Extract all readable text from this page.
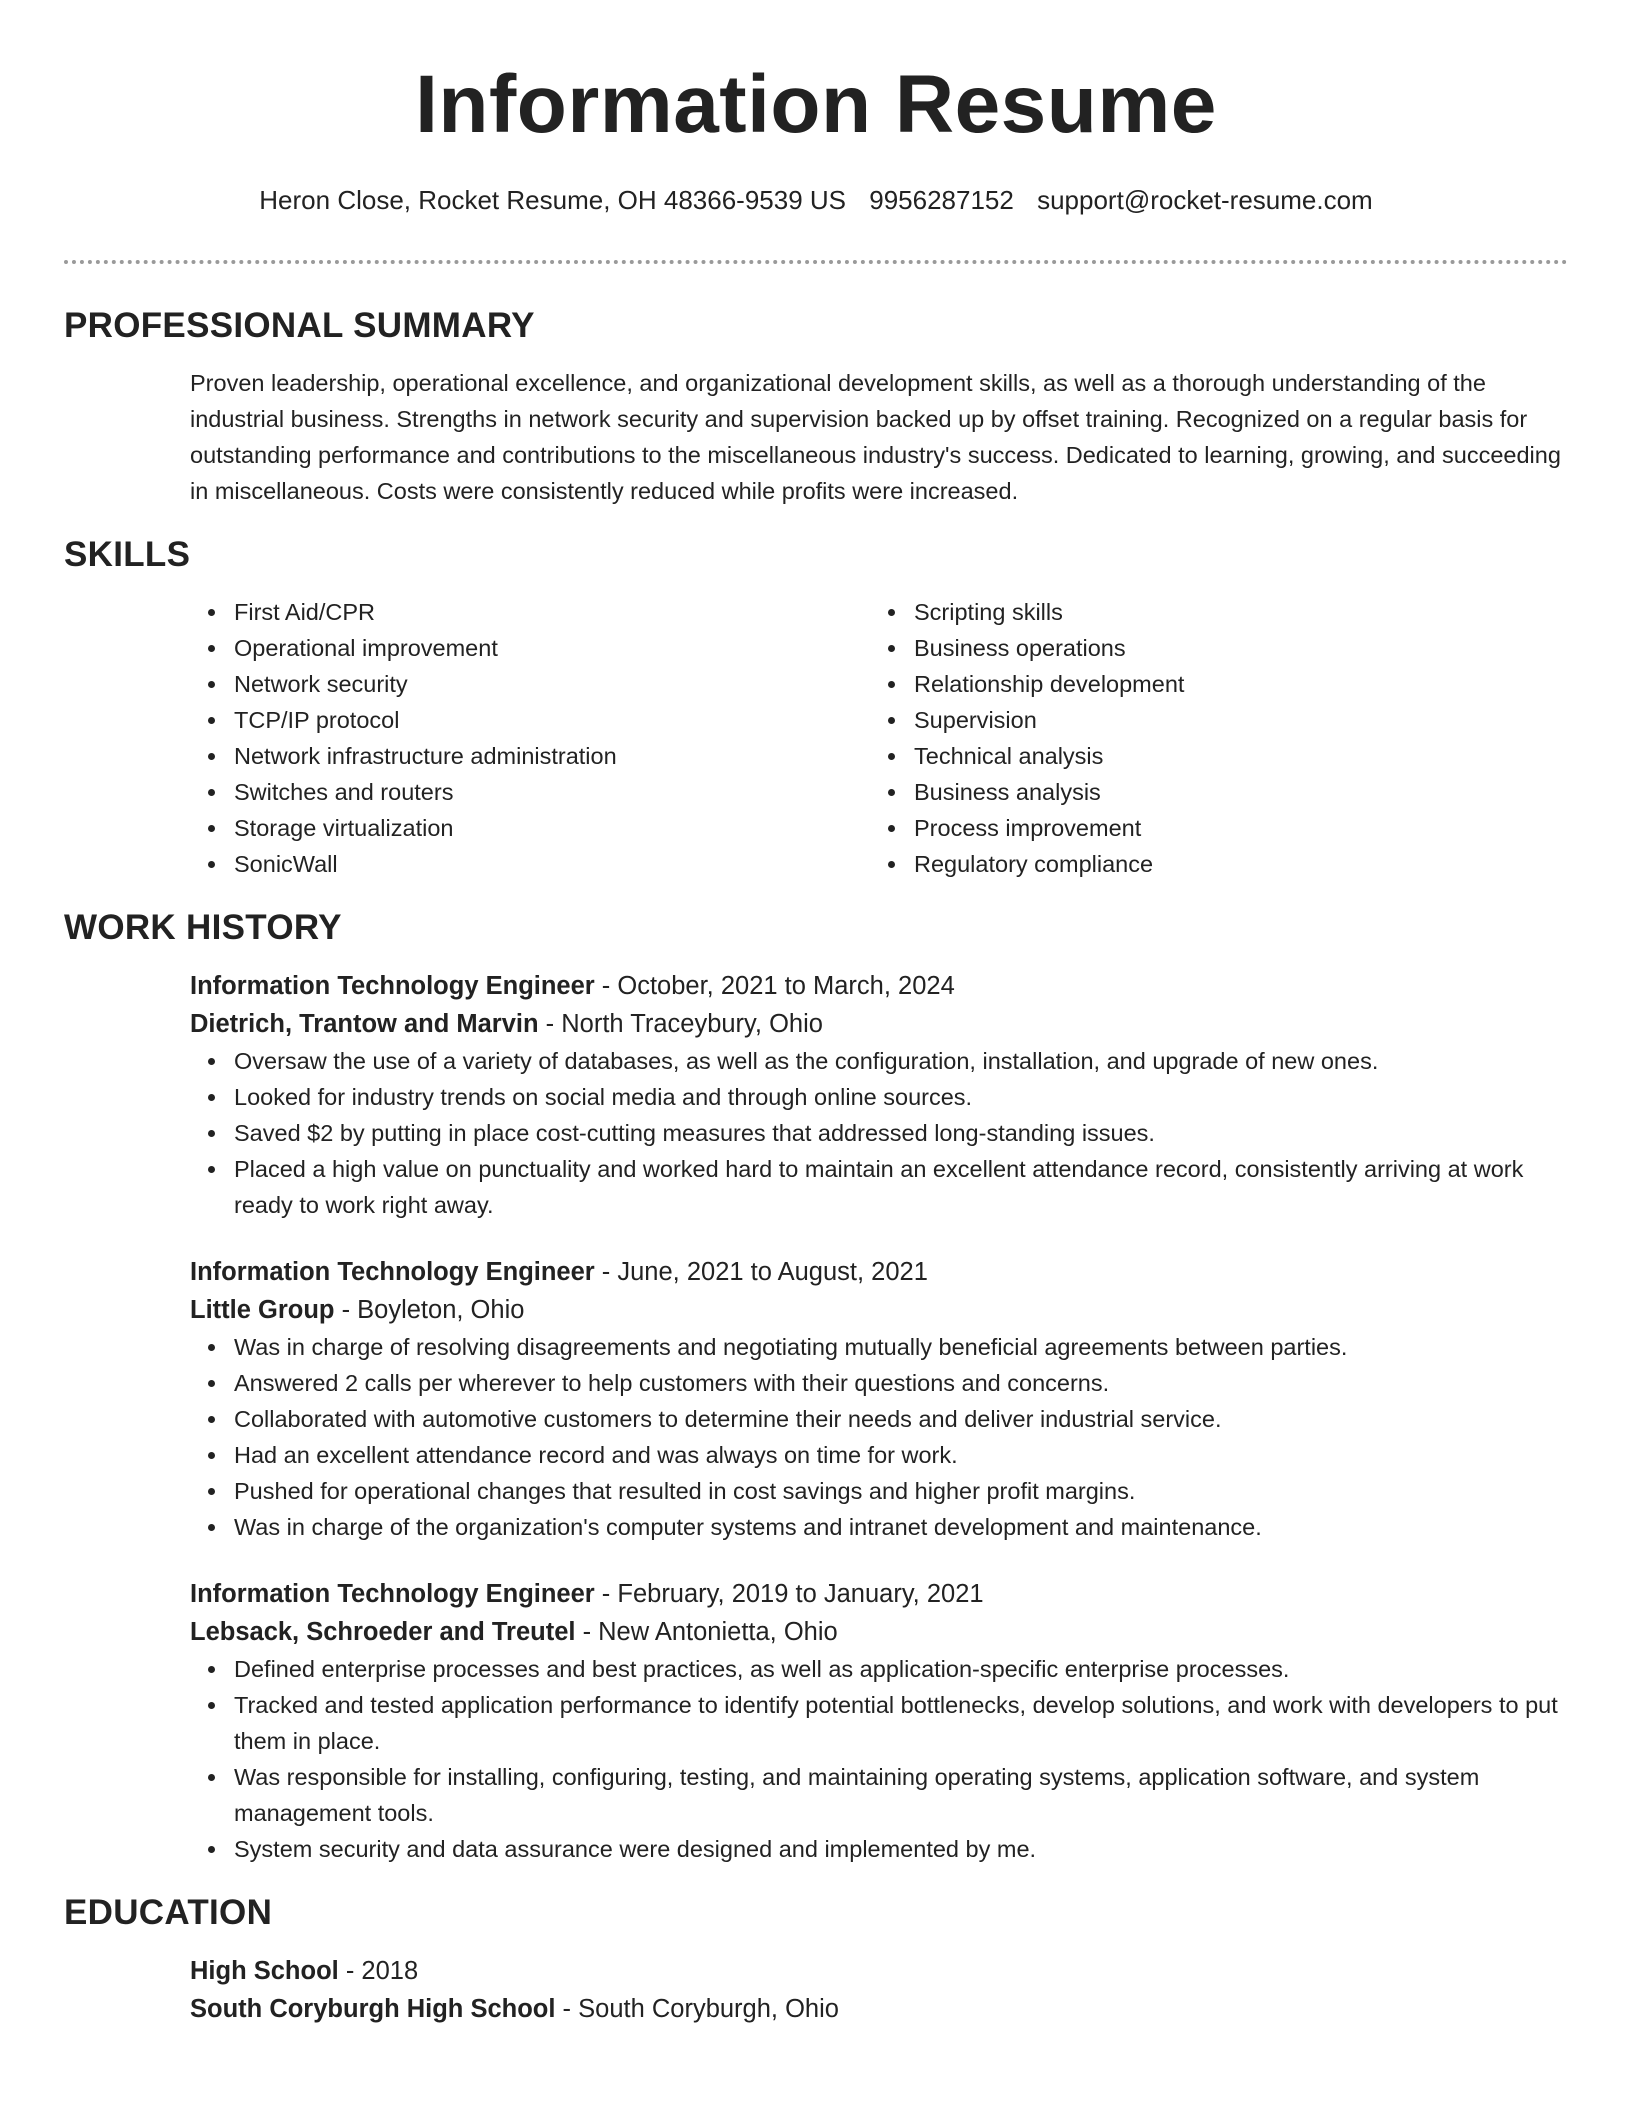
Information Resume
Heron Close, Rocket Resume, OH 48366-9539 US 9956287152 support@rocket-resume.com
PROFESSIONAL SUMMARY

Proven leadership, operational excellence, and organizational development skills, as well as a thorough understanding of the industrial business. Strengths in network security and supervision backed up by offset training. Recognized on a regular basis for outstanding performance and contributions to the miscellaneous industry's success. Dedicated to learning, growing, and succeeding in miscellaneous. Costs were consistently reduced while profits were increased.

SKILLS
First Aid/CPR
Operational improvement
Network security
TCP/IP protocol
Network infrastructure administration
Switches and routers
Storage virtualization
SonicWall
Scripting skills
Business operations
Relationship development
Supervision
Technical analysis
Business analysis
Process improvement
Regulatory compliance
WORK HISTORY
Information Technology Engineer - October, 2021 to March, 2024
Dietrich, Trantow and Marvin - North Traceybury, Ohio
Oversaw the use of a variety of databases, as well as the configuration, installation, and upgrade of new ones.
Looked for industry trends on social media and through online sources.
Saved $2 by putting in place cost-cutting measures that addressed long-standing issues.
Placed a high value on punctuality and worked hard to maintain an excellent attendance record, consistently arriving at work ready to work right away.
Information Technology Engineer - June, 2021 to August, 2021
Little Group - Boyleton, Ohio
Was in charge of resolving disagreements and negotiating mutually beneficial agreements between parties.
Answered 2 calls per wherever to help customers with their questions and concerns.
Collaborated with automotive customers to determine their needs and deliver industrial service.
Had an excellent attendance record and was always on time for work.
Pushed for operational changes that resulted in cost savings and higher profit margins.
Was in charge of the organization's computer systems and intranet development and maintenance.
Information Technology Engineer - February, 2019 to January, 2021
Lebsack, Schroeder and Treutel - New Antonietta, Ohio
Defined enterprise processes and best practices, as well as application-specific enterprise processes.
Tracked and tested application performance to identify potential bottlenecks, develop solutions, and work with developers to put them in place.
Was responsible for installing, configuring, testing, and maintaining operating systems, application software, and system management tools.
System security and data assurance were designed and implemented by me.
EDUCATION
High School - 2018
South Coryburgh High School - South Coryburgh, Ohio
